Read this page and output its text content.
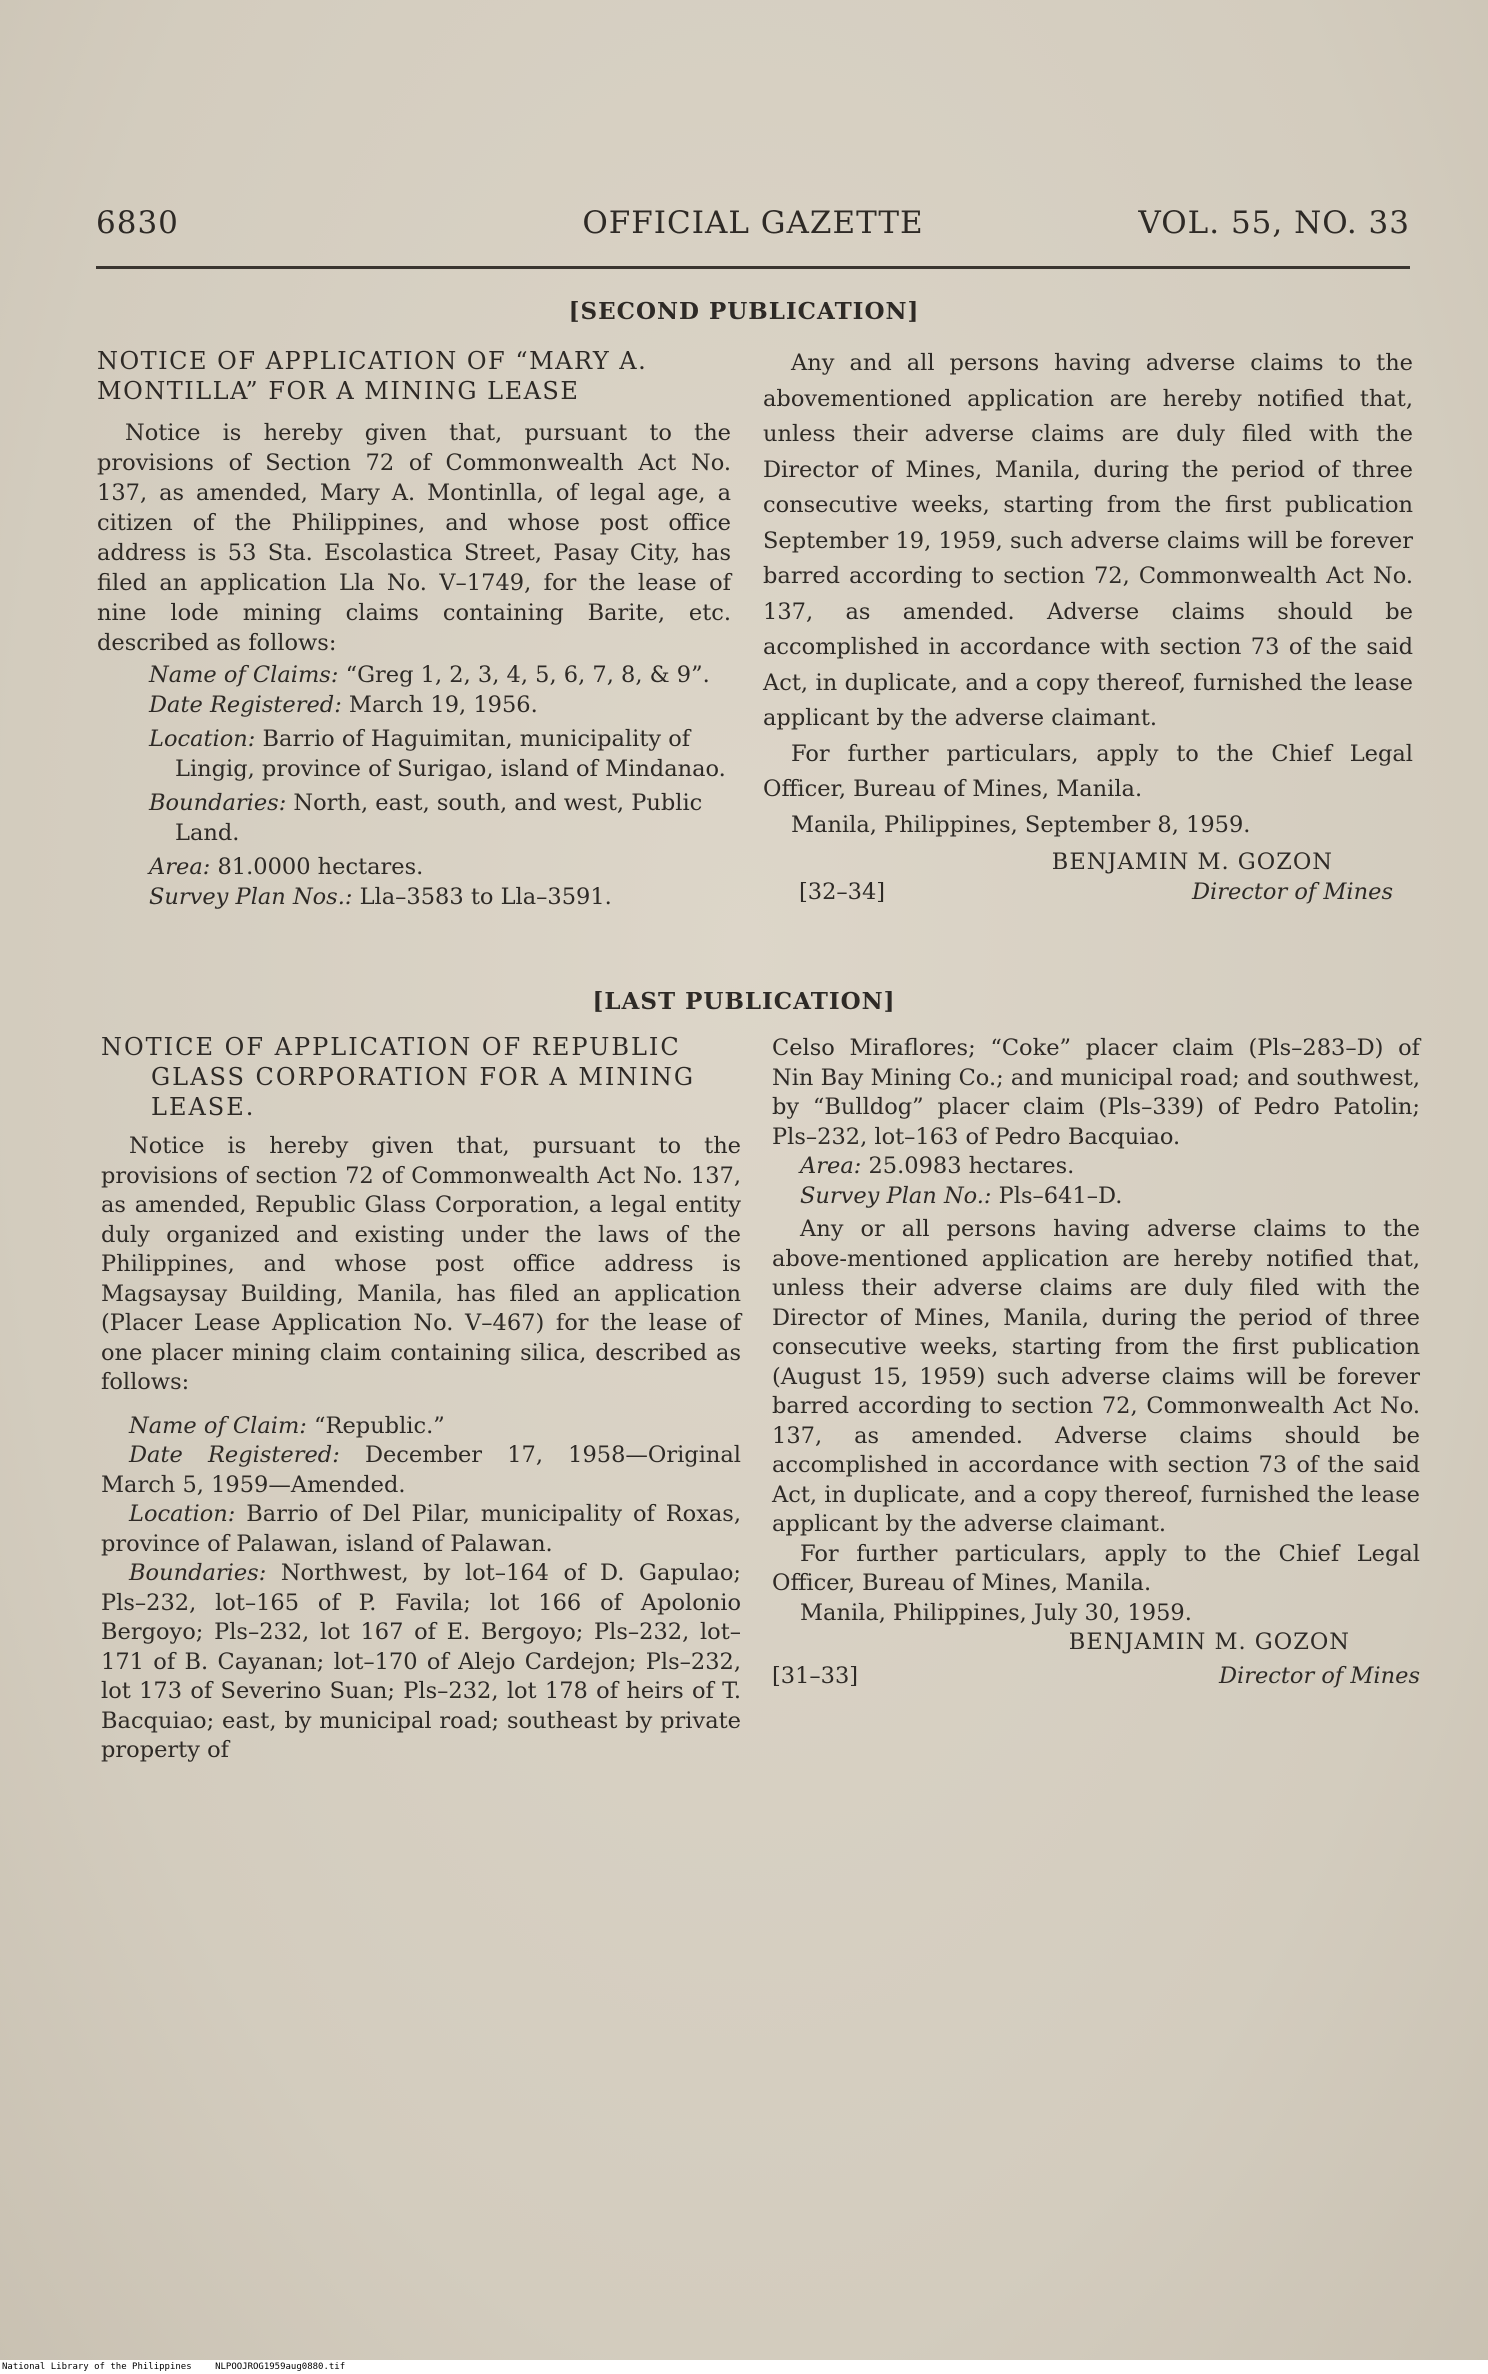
6830	OFFICIAL GAZETTE	VOL. 55, NO. 33
[SECOND PUBLICATION]

NOTICE OF APPLICATION OF “MARY A. MONTILLA” FOR A MINING LEASE

Notice is hereby given that, pursuant to the provisions of Section 72 of Commonwealth Act No. 137, as amended, Mary A. Montinlla, of legal age, a citizen of the Philippines, and whose post office address is 53 Sta. Escolastica Street, Pasay City, has filed an application Lla No. V–1749, for the lease of nine lode mining claims containing Barite, etc. described as follows:

Name of Claims: “Greg 1, 2, 3, 4, 5, 6, 7, 8, & 9”.

Date Registered: March 19, 1956.

Location: Barrio of Haguimitan, municipality of Lingig, province of Surigao, island of Mindanao.

Boundaries: North, east, south, and west, Public Land.

Area: 81.0000 hectares.

Survey Plan Nos.: Lla–3583 to Lla–3591.

Any and all persons having adverse claims to the abovementioned application are hereby notified that, unless their adverse claims are duly filed with the Director of Mines, Manila, during the period of three consecutive weeks, starting from the first publication September 19, 1959, such adverse claims will be forever barred according to section 72, Commonwealth Act No. 137, as amended. Adverse claims should be accomplished in accordance with section 73 of the said Act, in duplicate, and a copy thereof, furnished the lease applicant by the adverse claimant.

For further particulars, apply to the Chief Legal Officer, Bureau of Mines, Manila.

Manila, Philippines, September 8, 1959.

BENJAMIN M. GOZON

[32–34]	Director of Mines
[LAST PUBLICATION]

NOTICE OF APPLICATION OF REPUBLIC GLASS CORPORATION FOR A MINING LEASE.

Notice is hereby given that, pursuant to the provisions of section 72 of Commonwealth Act No. 137, as amended, Republic Glass Corporation, a legal entity duly organized and existing under the laws of the Philippines, and whose post office address is Magsaysay Building, Manila, has filed an application (Placer Lease Application No. V–467) for the lease of one placer mining claim containing silica, described as follows:

Name of Claim: “Republic.”

Date Registered: December 17, 1958—Original March 5, 1959—Amended.

Location: Barrio of Del Pilar, municipality of Roxas, province of Palawan, island of Palawan.

Boundaries: Northwest, by lot–164 of D. Gapulao; Pls–232, lot–165 of P. Favila; lot 166 of Apolonio Bergoyo; Pls–232, lot 167 of E. Bergoyo; Pls–232, lot–171 of B. Cayanan; lot–170 of Alejo Cardejon; Pls–232, lot 173 of Severino Suan; Pls–232, lot 178 of heirs of T. Bacquiao; east, by municipal road; southeast by private property of

Celso Miraflores; “Coke” placer claim (Pls–283–D) of Nin Bay Mining Co.; and municipal road; and southwest, by “Bulldog” placer claim (Pls–339) of Pedro Patolin; Pls–232, lot–163 of Pedro Bacquiao.

Area: 25.0983 hectares.

Survey Plan No.: Pls–641–D.

Any or all persons having adverse claims to the above-mentioned application are hereby notified that, unless their adverse claims are duly filed with the Director of Mines, Manila, during the period of three consecutive weeks, starting from the first publication (August 15, 1959) such adverse claims will be forever barred according to section 72, Commonwealth Act No. 137, as amended. Adverse claims should be accomplished in accordance with section 73 of the said Act, in duplicate, and a copy thereof, furnished the lease applicant by the adverse claimant.

For further particulars, apply to the Chief Legal Officer, Bureau of Mines, Manila.

Manila, Philippines, July 30, 1959.

BENJAMIN M. GOZON

[31–33]	Director of Mines
National Library of the Philippines	NLPOOJROG1959aug0880.tif
